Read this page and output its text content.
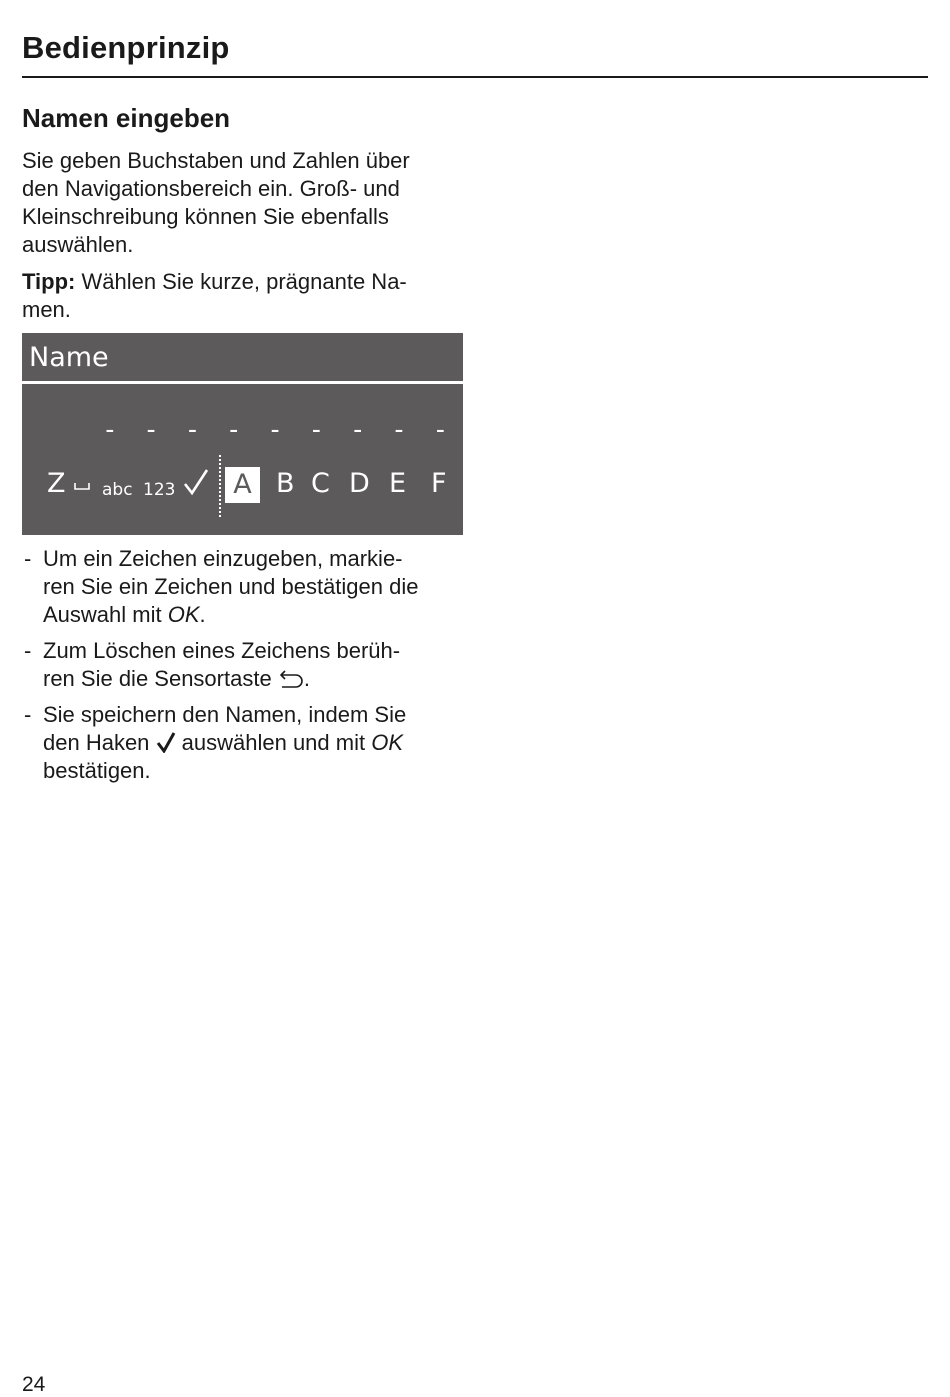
Bedienprinzip
Namen eingeben
Sie geben Buchstaben und Zahlen über
den Navigationsbereich ein. Groß- und
Kleinschreibung können Sie ebenfalls
auswählen.
Tipp: Wählen Sie kurze, prägnante Na-
men.
Name
- - - - - - - - - -
Z abc 123	A B C D E F
- Um ein Zeichen einzugeben, markie-
ren Sie ein Zeichen und bestätigen die
Auswahl mit OK.
- Zum Löschen eines Zeichens berüh-
ren Sie die Sensortaste .
- Sie speichern den Namen, indem Sie
den Haken  auswählen und mit OK
bestätigen.
24
